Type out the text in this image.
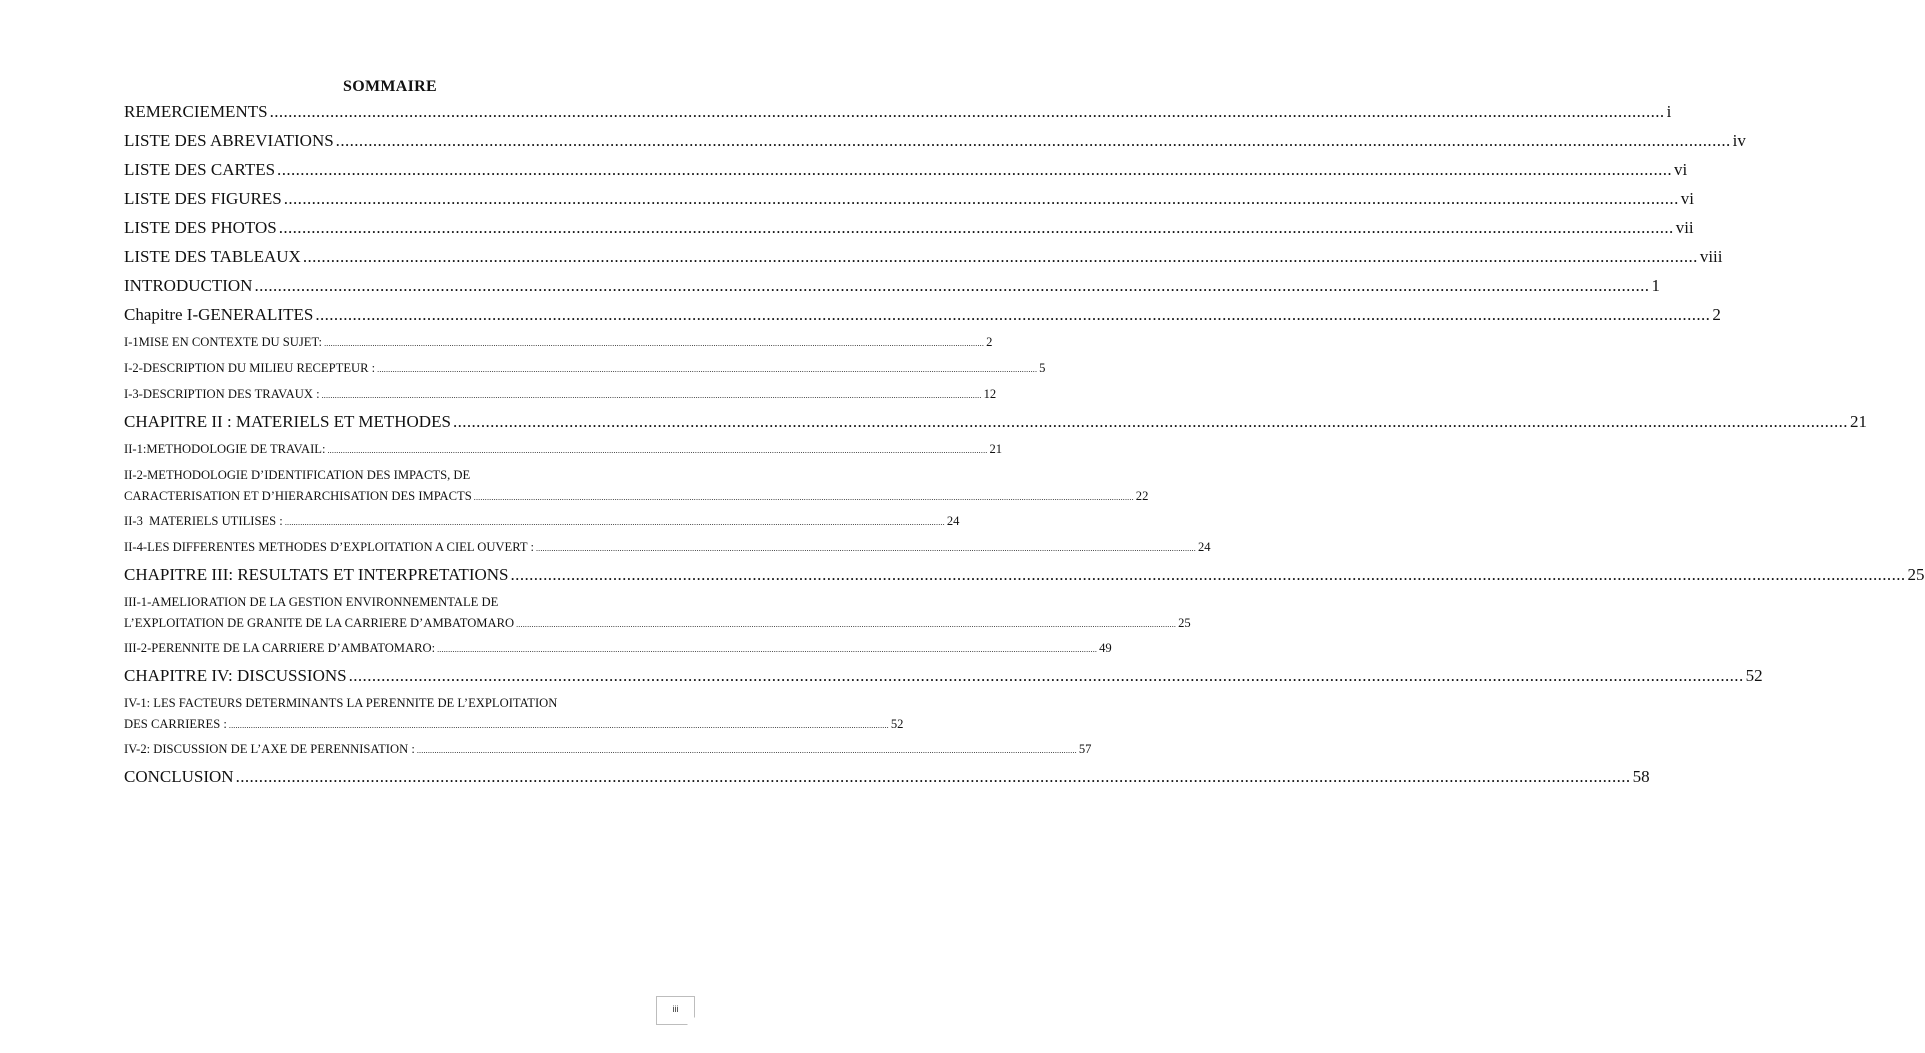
SOMMAIRE
REMERCIEMENTS ............................................................................................................................................................................................................................................................................................................ i
LISTE DES ABREVIATIONS ............................................................................................................................................................................................................................................................................................................ iv
LISTE DES CARTES ............................................................................................................................................................................................................................................................................................................ vi
LISTE DES FIGURES ............................................................................................................................................................................................................................................................................................................ vi
LISTE DES PHOTOS ............................................................................................................................................................................................................................................................................................................ vii
LISTE DES TABLEAUX ............................................................................................................................................................................................................................................................................................................ viii
INTRODUCTION ............................................................................................................................................................................................................................................................................................................ 1
Chapitre I-GENERALITES ............................................................................................................................................................................................................................................................................................................ 2
I-1MISE EN CONTEXTE DU SUJET: ............................................................................................................................................................................................................................................................................................................ 2
I-2-DESCRIPTION DU MILIEU RECEPTEUR : ............................................................................................................................................................................................................................................................................................................ 5
I-3-DESCRIPTION DES TRAVAUX : ............................................................................................................................................................................................................................................................................................................ 12
CHAPITRE II : MATERIELS ET METHODES ............................................................................................................................................................................................................................................................................................................ 21
II-1:METHODOLOGIE DE TRAVAIL: ............................................................................................................................................................................................................................................................................................................ 21
II-2-METHODOLOGIE D’IDENTIFICATION DES IMPACTS, DE
CARACTERISATION ET D’HIERARCHISATION DES IMPACTS ............................................................................................................................................................................................................................................................................................................ 22
II-3  MATERIELS UTILISES : ............................................................................................................................................................................................................................................................................................................ 24
II-4-LES DIFFERENTES METHODES D’EXPLOITATION A CIEL OUVERT : ............................................................................................................................................................................................................................................................................................................ 24
CHAPITRE III: RESULTATS ET INTERPRETATIONS ............................................................................................................................................................................................................................................................................................................ 25
III-1-AMELIORATION DE LA GESTION ENVIRONNEMENTALE DE
L’EXPLOITATION DE GRANITE DE LA CARRIERE D’AMBATOMARO ............................................................................................................................................................................................................................................................................................................ 25
III-2-PERENNITE DE LA CARRIERE D’AMBATOMARO: ............................................................................................................................................................................................................................................................................................................ 49
CHAPITRE IV: DISCUSSIONS ............................................................................................................................................................................................................................................................................................................ 52
IV-1: LES FACTEURS DETERMINANTS LA PERENNITE DE L’EXPLOITATION
DES CARRIERES : ............................................................................................................................................................................................................................................................................................................ 52
IV-2: DISCUSSION DE L’AXE DE PERENNISATION : ............................................................................................................................................................................................................................................................................................................ 57
CONCLUSION ............................................................................................................................................................................................................................................................................................................ 58
iii
